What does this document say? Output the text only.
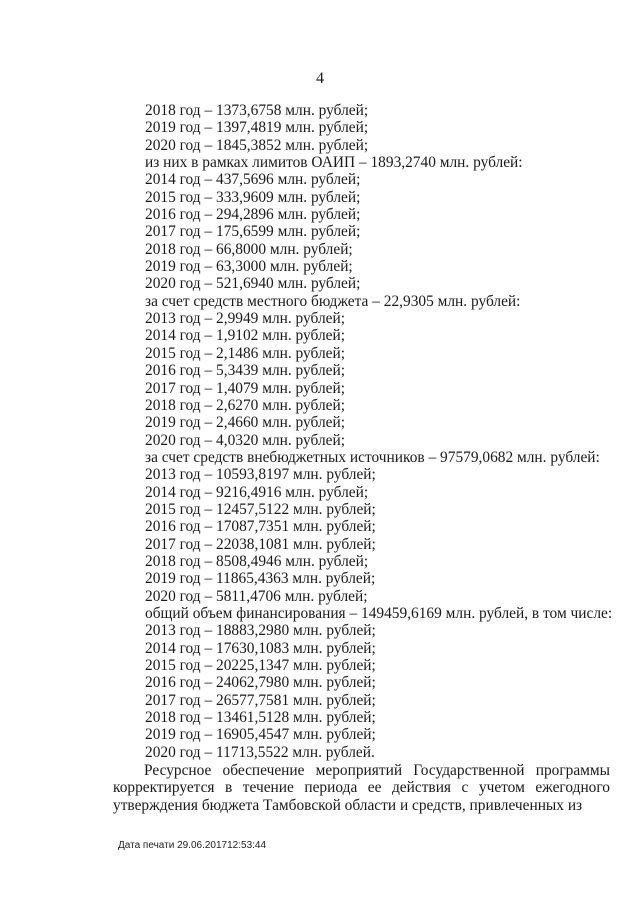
4
2018 год – 1373,6758 млн. рублей;
2019 год – 1397,4819 млн. рублей;
2020 год – 1845,3852 млн. рублей;
из них в рамках лимитов ОАИП – 1893,2740 млн. рублей:
2014 год – 437,5696 млн. рублей;
2015 год – 333,9609 млн. рублей;
2016 год – 294,2896 млн. рублей;
2017 год – 175,6599 млн. рублей;
2018 год – 66,8000 млн. рублей;
2019 год – 63,3000 млн. рублей;
2020 год – 521,6940 млн. рублей;
за счет средств местного бюджета – 22,9305 млн. рублей:
2013 год – 2,9949 млн. рублей;
2014 год – 1,9102 млн. рублей;
2015 год – 2,1486 млн. рублей;
2016 год – 5,3439 млн. рублей;
2017 год – 1,4079 млн. рублей;
2018 год – 2,6270 млн. рублей;
2019 год – 2,4660 млн. рублей;
2020 год – 4,0320 млн. рублей;
за счет средств внебюджетных источников – 97579,0682 млн. рублей:
2013 год – 10593,8197 млн. рублей;
2014 год – 9216,4916 млн. рублей;
2015 год – 12457,5122 млн. рублей;
2016 год – 17087,7351 млн. рублей;
2017 год – 22038,1081 млн. рублей;
2018 год – 8508,4946 млн. рублей;
2019 год – 11865,4363 млн. рублей;
2020 год – 5811,4706 млн. рублей;
общий объем финансирования – 149459,6169 млн. рублей, в том числе:
2013 год – 18883,2980 млн. рублей;
2014 год – 17630,1083 млн. рублей;
2015 год – 20225,1347 млн. рублей;
2016 год – 24062,7980 млн. рублей;
2017 год – 26577,7581 млн. рублей;
2018 год – 13461,5128 млн. рублей;
2019 год – 16905,4547 млн. рублей;
2020 год – 11713,5522 млн. рублей.
Ресурсное обеспечение мероприятий Государственной программы корректируется в течение периода ее действия с учетом ежегодного утверждения бюджета Тамбовской области и средств, привлеченных из
Дата печати 29.06.201712:53:44
